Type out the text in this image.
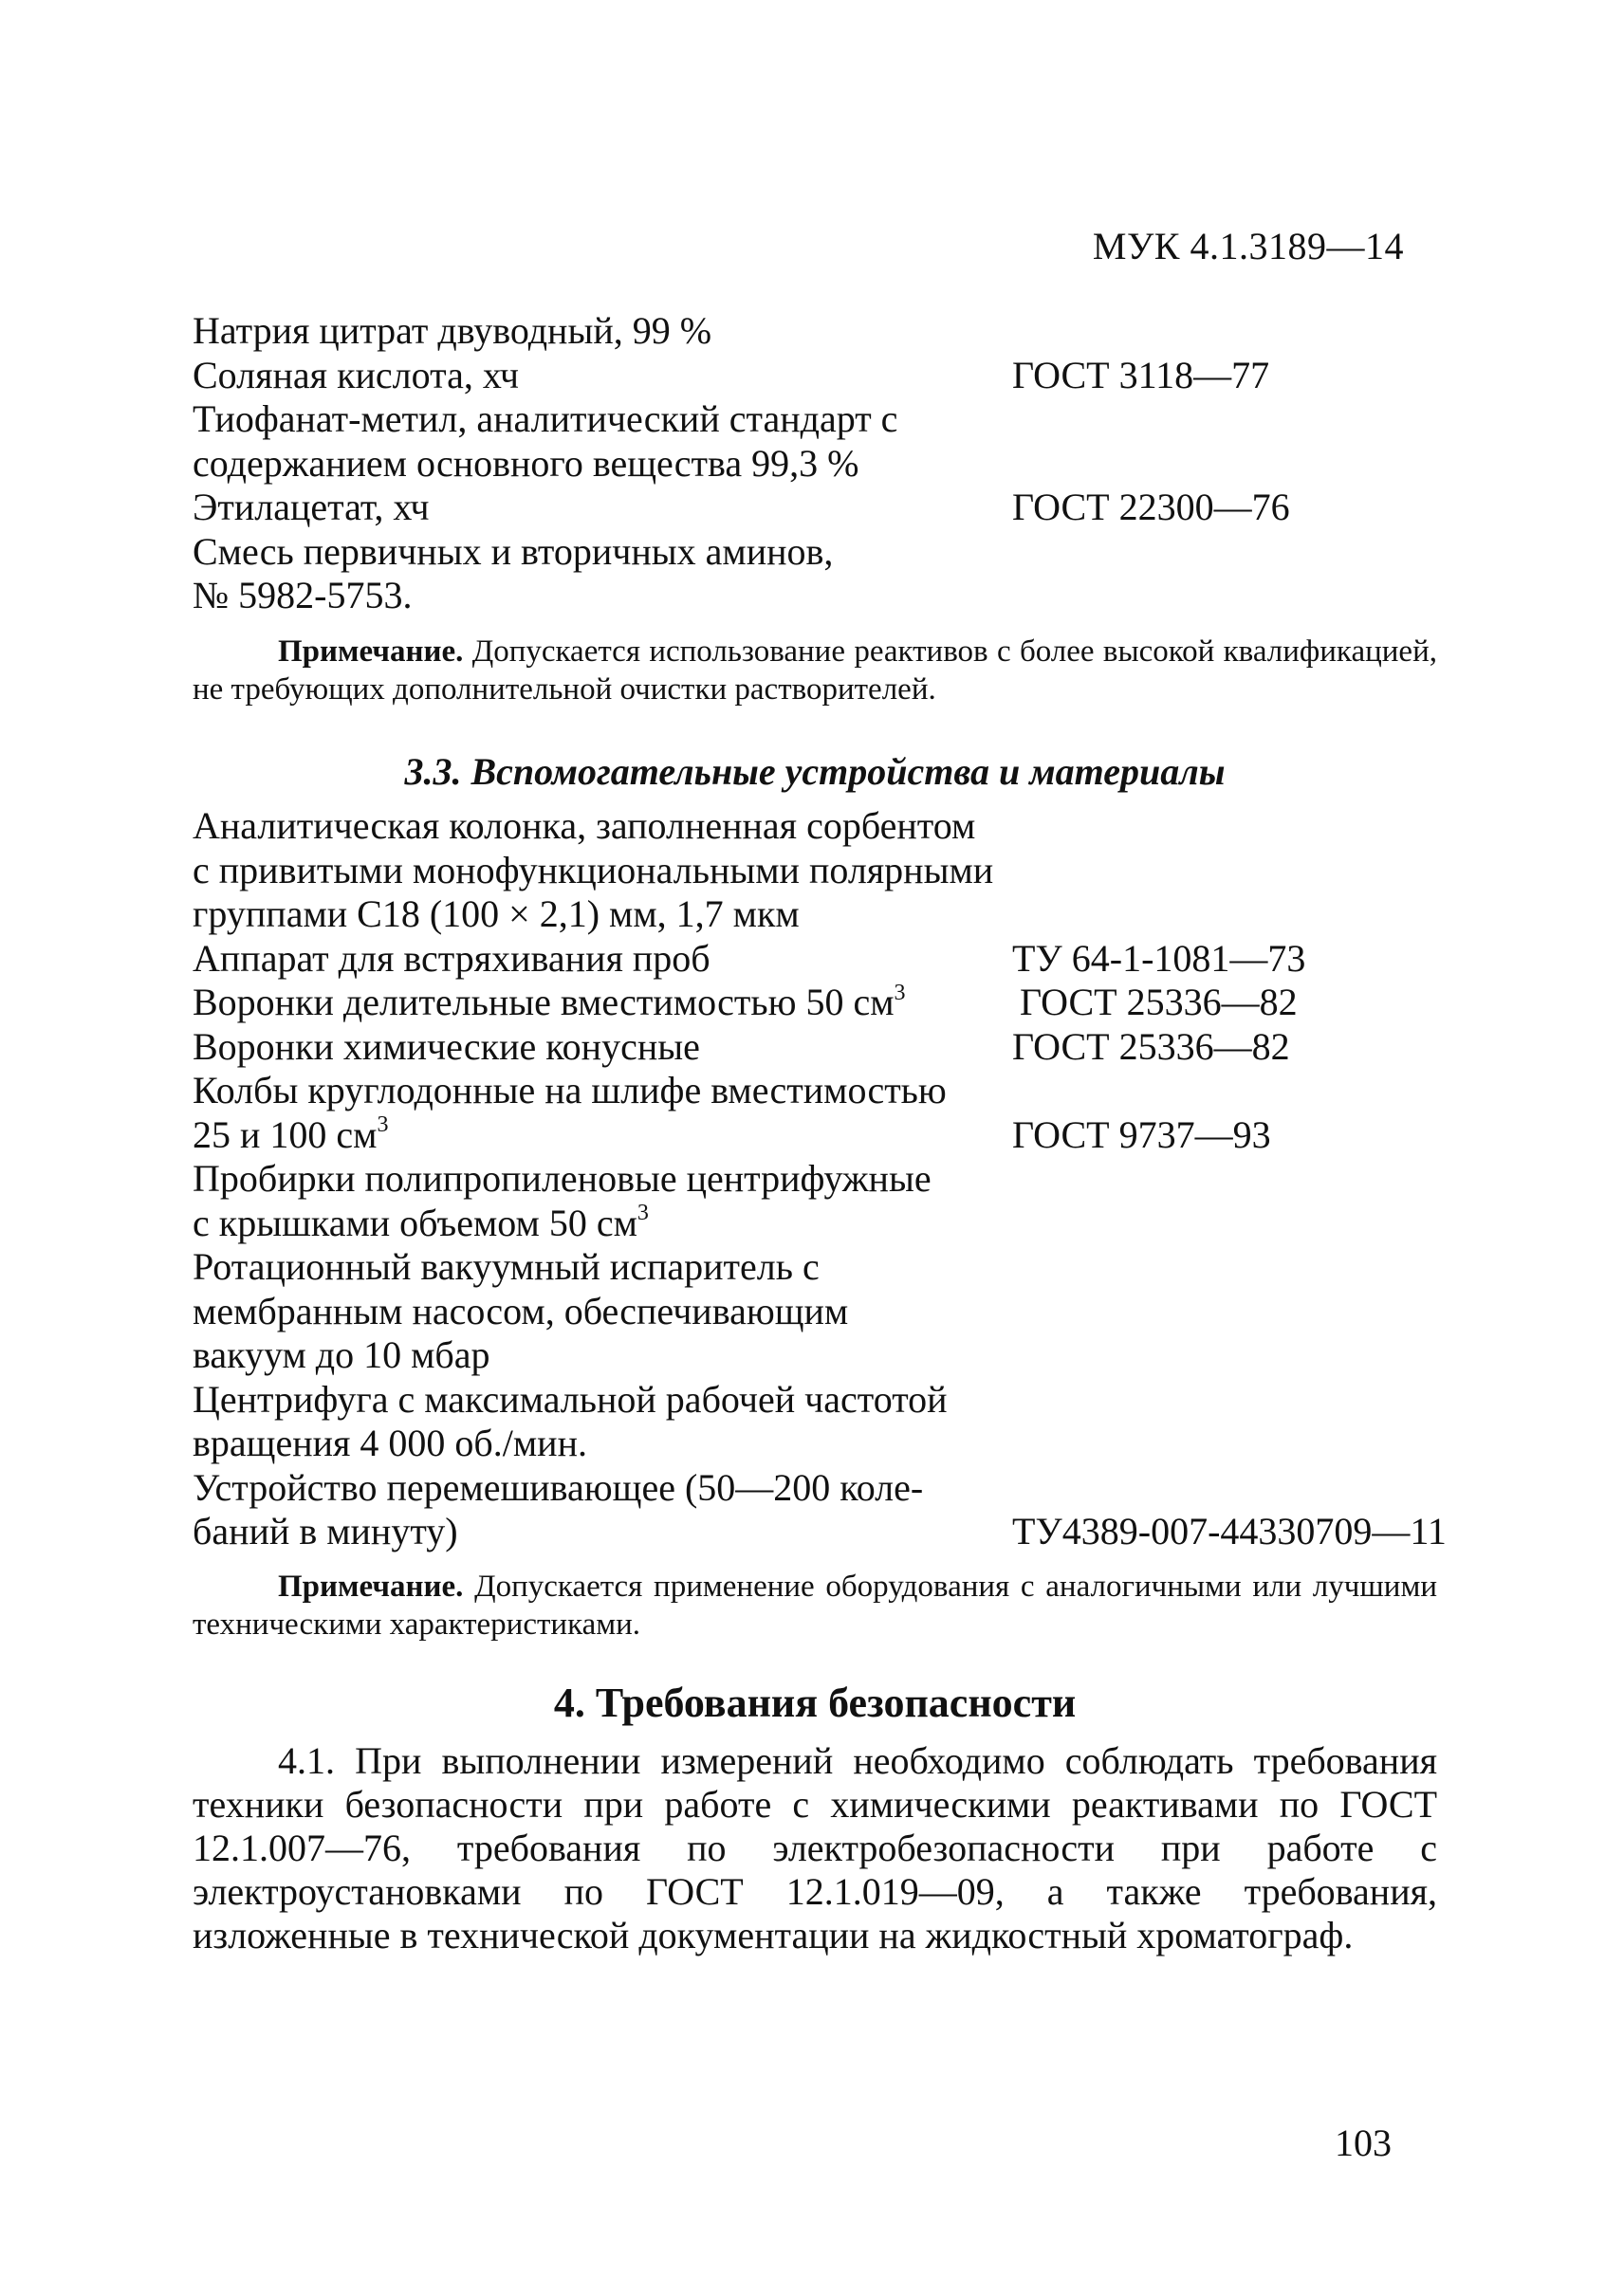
МУК 4.1.3189—14
Натрия цитрат двуводный, 99 %
Соляная кислота, хч	ГОСТ 3118—77
Тиофанат-метил, аналитический стандарт с
содержанием основного вещества 99,3 %
Этилацетат, хч	ГОСТ 22300—76
Смесь первичных и вторичных аминов,
№ 5982-5753.
Примечание. Допускается использование реактивов с более высокой квалификацией, не требующих дополнительной очистки растворителей.
3.3. Вспомогательные устройства и материалы
Аналитическая колонка, заполненная сорбентом
с привитыми монофункциональными полярными
группами С18 (100 × 2,1) мм, 1,7 мкм
Аппарат для встряхивания проб	ТУ 64-1-1081—73
Воронки делительные вместимостью 50 $см^3$	ГОСТ 25336—82
Воронки химические конусные	ГОСТ 25336—82
Колбы круглодонные на шлифе вместимостью
25 и 100 $см^3$	ГОСТ 9737—93
Пробирки полипропиленовые центрифужные
с крышками объемом 50 $см^3$
Ротационный вакуумный испаритель с
мембранным насосом, обеспечивающим
вакуум до 10 мбар
Центрифуга с максимальной рабочей частотой
вращения 4 000 об./мин.
Устройство перемешивающее (50—200 коле-
баний в минуту)	ТУ4389-007-44330709—11
Примечание. Допускается применение оборудования с аналогичными или лучшими техническими характеристиками.
4. Требования безопасности
4.1. При выполнении измерений необходимо соблюдать требования техники безопасности при работе с химическими реактивами по ГОСТ 12.1.007—76, требования по электробезопасности при работе с электроустановками по ГОСТ 12.1.019—09, а также требования, изложенные в технической документации на жидкостный хроматограф.
103
